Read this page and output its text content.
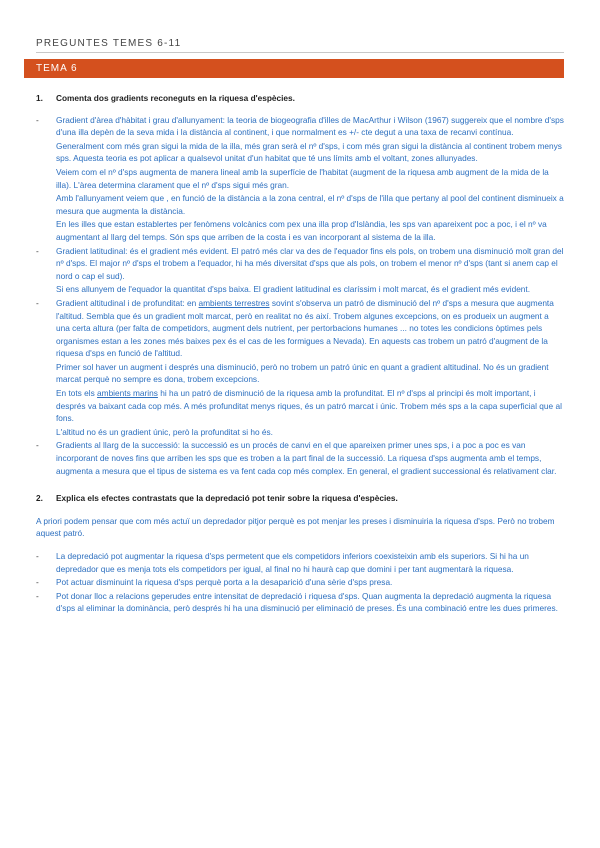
PREGUNTES TEMES 6-11
TEMA 6
1.	Comenta dos gradients reconeguts en la riquesa d'espècies.

- Gradient d'àrea d'hàbitat i grau d'allunyament: la teoria de biogeografia d'illes de MacArthur i Wilson (1967) suggereix que el nombre d'sps d'una illa depèn de la seva mida i la distància al continent, i que normalment es +/- cte degut a una taxa de recanvi contínua.

Generalment com més gran sigui la mida de la illa, més gran serà el nº d'sps, i com més gran sigui la distància al continent trobem menys sps. Aquesta teoria es pot aplicar a qualsevol unitat d'un habitat que té uns límits amb el voltant, zones allunyades.

Veiem com el nº d'sps augmenta de manera lineal amb la superfície de l'habitat (augment de la riquesa amb augment de la mida de la illa). L'àrea determina clarament que el nº d'sps sigui més gran.

Amb l'allunyament veiem que , en funció de la distància a la zona central, el nº d'sps de l'illa que pertany al pool del continent disminueix a mesura que augmenta la distància.

En les illes que estan establertes per fenòmens volcànics com pex una illa prop d'Islàndia, les sps van apareixent poc a poc, i el nº va augmentant al llarg del temps. Són sps que arriben de la costa i es van incorporant al sistema de la illa.

- Gradient latitudinal: és el gradient més evident. El patró més clar va des de l'equador fins els pols, on trobem una disminució molt gran del nº d'sps. El major nº d'sps el trobem a l'equador, hi ha més diversitat d'sps que als pols, on trobem el menor nº d'sps (tant si anem cap el nord o cap el sud).

Si ens allunyem de l'equador la quantitat d'sps baixa. El gradient latitudinal es claríssim i molt marcat, és el gradient més evident.

- Gradient altitudinal i de profunditat: en ambients terrestres sovint s'observa un patró de disminució del nº d'sps a mesura que augmenta l'altitud. Sembla que és un gradient molt marcat, però en realitat no és així. Trobem algunes excepcions, on es produeix un augment a una certa altura (per falta de competidors, augment dels nutrient, per pertorbacions humanes ... no totes les condicions òptimes pels organismes estan a les zones més baixes pex és el cas de les formigues a Nevada). En aquests cas trobem un patró d'augment de la riquesa d'sps en funció de l'altitud.

Primer sol haver un augment i després una disminució, però no trobem un patró únic en quant a gradient altitudinal. No és un gradient marcat perquè no sempre es dona, trobem excepcions.

En tots els ambients marins hi ha un patró de disminució de la riquesa amb la profunditat. El nº d'sps al principi és molt important, i després va baixant cada cop més. A més profunditat menys riques, és un patró marcat i únic. Trobem més sps a la capa superficial que al fons.

L'altitud no és un gradient únic, però la profunditat si ho és.

- Gradients al llarg de la successió: la successió es un procés de canvi en el que apareixen primer unes sps, i a poc a poc es van incorporant de noves fins que arriben les sps que es troben a la part final de la successió. La riquesa d'sps augmenta amb el temps, augmenta a mesura que el tipus de sistema es va fent cada cop més complex. En general, el gradient successional és relativament clar.

2.	Explica els efectes contrastats que la depredació pot tenir sobre la riquesa d'espècies.

A priori podem pensar que com més actuï un depredador pitjor perquè es pot menjar les preses i disminuiria la riquesa d'sps. Però no trobem aquest patró.

- La depredació pot augmentar la riquesa d'sps permetent que els competidors inferiors coexisteixin amb els superiors. Si hi ha un depredador que es menja tots els competidors per igual, al final no hi haurà cap que domini i per tant augmentarà la riquesa.

- Pot actuar disminuint la riquesa d'sps perquè porta a la desaparició d'una sèrie d'sps presa.

- Pot donar lloc a relacions geperudes entre intensitat de depredació i riquesa d'sps. Quan augmenta la depredació augmenta la riquesa d'sps al eliminar la dominància, però després hi ha una disminució per eliminació de preses. És una combinació entre les dues primeres.
